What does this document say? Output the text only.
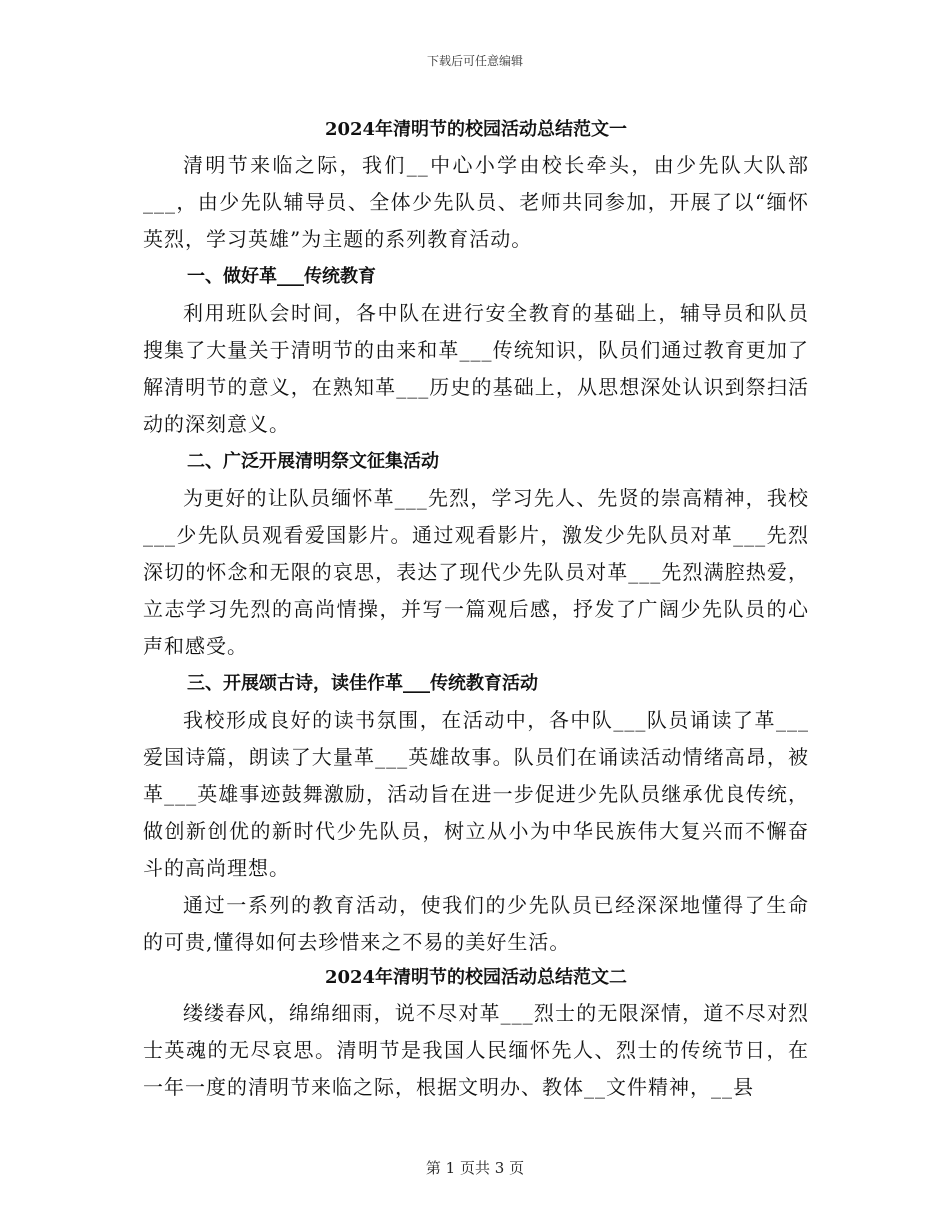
下载后可任意编辑
2024年清明节的校园活动总结范文一

清明节来临之际，我们__中心小学由校长牵头，由少先队大队部___，由少先队辅导员、全体少先队员、老师共同参加，开展了以“缅怀英烈，学习英雄”为主题的系列教育活动。

一、做好革___传统教育

利用班队会时间，各中队在进行安全教育的基础上，辅导员和队员搜集了大量关于清明节的由来和革___传统知识，队员们通过教育更加了解清明节的意义，在熟知革___历史的基础上，从思想深处认识到祭扫活动的深刻意义。

二、广泛开展清明祭文征集活动

为更好的让队员缅怀革___先烈，学习先人、先贤的崇高精神，我校___少先队员观看爱国影片。通过观看影片，激发少先队员对革___先烈深切的怀念和无限的哀思，表达了现代少先队员对革___先烈满腔热爱，立志学习先烈的高尚情操，并写一篇观后感，抒发了广阔少先队员的心声和感受。

三、开展颂古诗，读佳作革___传统教育活动

我校形成良好的读书氛围，在活动中，各中队___队员诵读了革___爱国诗篇，朗读了大量革___英雄故事。队员们在诵读活动情绪高昂，被革___英雄事迹鼓舞激励，活动旨在进一步促进少先队员继承优良传统，做创新创优的新时代少先队员，树立从小为中华民族伟大复兴而不懈奋斗的高尚理想。

通过一系列的教育活动，使我们的少先队员已经深深地懂得了生命的可贵,懂得如何去珍惜来之不易的美好生活。

2024年清明节的校园活动总结范文二

缕缕春风，绵绵细雨，说不尽对革___烈士的无限深情，道不尽对烈士英魂的无尽哀思。清明节是我国人民缅怀先人、烈士的传统节日，在一年一度的清明节来临之际，根据文明办、教体__文件精神，__县

第 1 页共 3 页
